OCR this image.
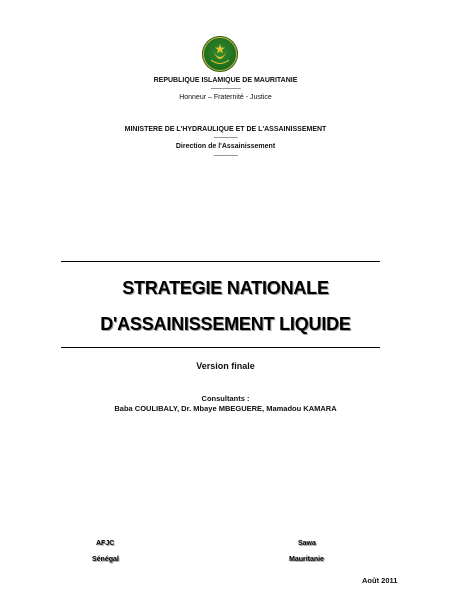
REPUBLIQUE ISLAMIQUE DE MAURITANIE
--------------------
Honneur – Fraternité - Justice
MINISTERE DE L'HYDRAULIQUE ET DE L'ASSAINISSEMENT
----------------
Direction de l'Assainissement
----------------
STRATEGIE NATIONALE
D'ASSAINISSEMENT LIQUIDE
Version finale
Consultants :
Baba COULIBALY, Dr. Mbaye MBEGUERE, Mamadou KAMARA
AFJC
Sénégal
Sawa
Mauritanie
Août 2011
